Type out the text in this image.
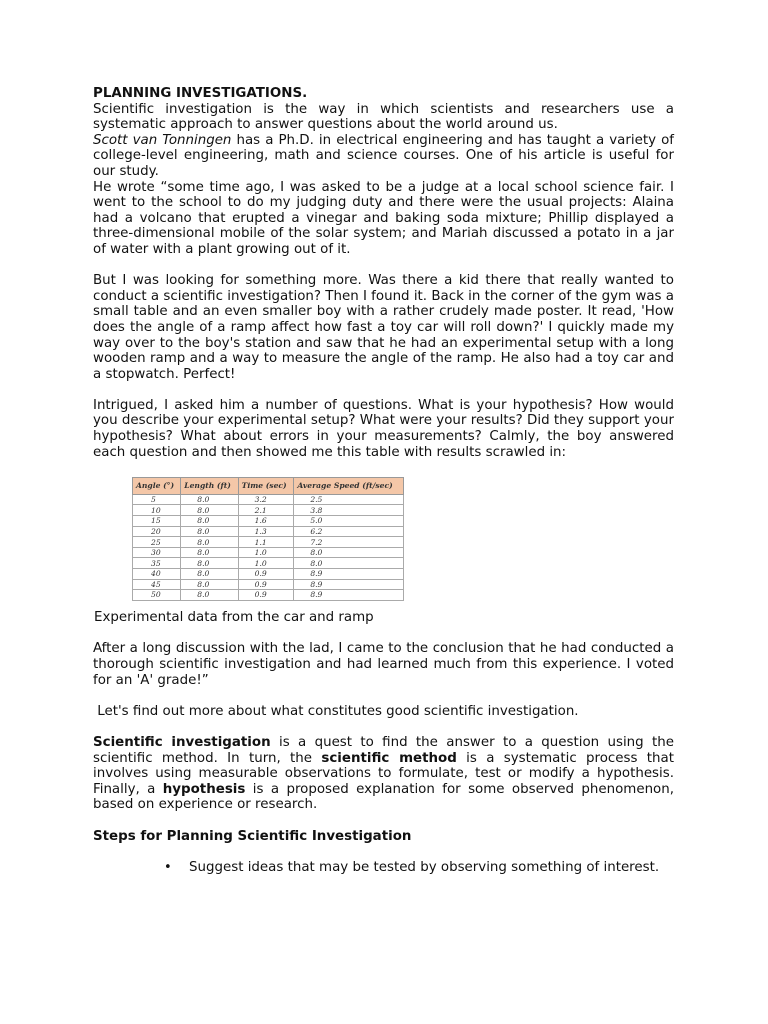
PLANNING INVESTIGATIONS.

Scientific investigation is the way in which scientists and researchers use a systematic approach to answer questions about the world around us.

Scott van Tonningen has a Ph.D. in electrical engineering and has taught a variety of college-level engineering, math and science courses. One of his article is useful for our study.

He wrote “some time ago, I was asked to be a judge at a local school science fair. I went to the school to do my judging duty and there were the usual projects: Alaina had a volcano that erupted a vinegar and baking soda mixture; Phillip displayed a three-dimensional mobile of the solar system; and Mariah discussed a potato in a jar of water with a plant growing out of it.

But I was looking for something more. Was there a kid there that really wanted to conduct a scientific investigation? Then I found it. Back in the corner of the gym was a small table and an even smaller boy with a rather crudely made poster. It read, 'How does the angle of a ramp affect how fast a toy car will roll down?' I quickly made my way over to the boy's station and saw that he had an experimental setup with a long wooden ramp and a way to measure the angle of the ramp. He also had a toy car and a stopwatch. Perfect!

Intrigued, I asked him a number of questions. What is your hypothesis? How would you describe your experimental setup? What were your results? Did they support your hypothesis? What about errors in your measurements? Calmly, the boy answered each question and then showed me this table with results scrawled in:

Angle (°)	Length (ft)	Time (sec)	Average Speed (ft/sec)
5	8.0	3.2	2.5
10	8.0	2.1	3.8
15	8.0	1.6	5.0
20	8.0	1.3	6.2
25	8.0	1.1	7.2
30	8.0	1.0	8.0
35	8.0	1.0	8.0
40	8.0	0.9	8.9
45	8.0	0.9	8.9
50	8.0	0.9	8.9

Experimental data from the car and ramp

After a long discussion with the lad, I came to the conclusion that he had conducted a thorough scientific investigation and had learned much from this experience. I voted for an 'A' grade!”

Let's find out more about what constitutes good scientific investigation.

Scientific investigation is a quest to find the answer to a question using the scientific method. In turn, the scientific method is a systematic process that involves using measurable observations to formulate, test or modify a hypothesis. Finally, a hypothesis is a proposed explanation for some observed phenomenon, based on experience or research.

Steps for Planning Scientific Investigation

• Suggest ideas that may be tested by observing something of interest.
